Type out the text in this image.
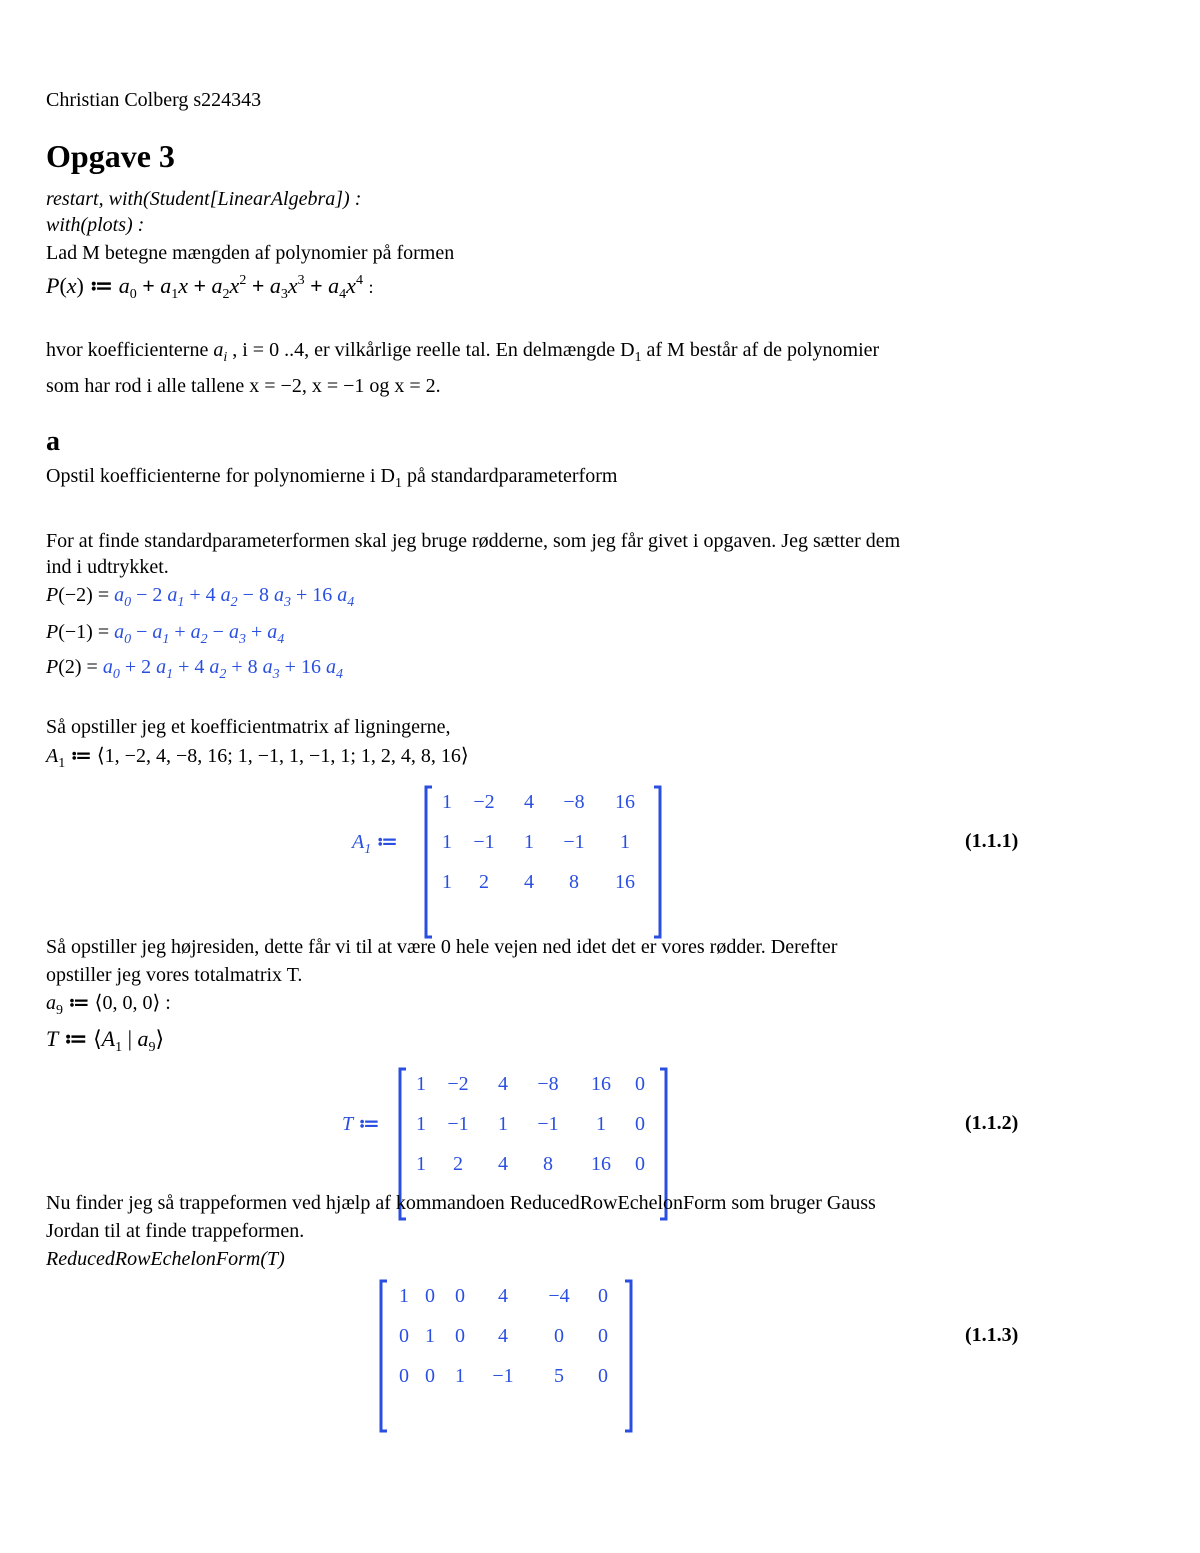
Christian Colberg s224343
Opgave 3
restart, with(Student[LinearAlgebra]) :
with(plots) :
Lad M betegne mængden af polynomier på formen
P(x) ≔ $a_0 + a_1x + a_2x^2 + a_3x^3 + a_4x^4$ :
hvor koefficienterne $a_i$ , i = 0 ..4, er vilkårlige reelle tal. En delmængde $D_1$ af M består af de polynomier
som har rod i alle tallene x = −2, x = −1 og x = 2.
a
Opstil koefficienterne for polynomierne i $D_1$ på standardparameterform
For at finde standardparameterformen skal jeg bruge rødderne, som jeg får givet i opgaven. Jeg sætter dem
ind i udtrykket.
$P(-2) = a_0 - 2$ $a_1 + 4$ $a_2 - 8$ $a_3 + 16$ $a_4$
$P(-1) = a_0 - a_1 + a_2 - a_3 + a_4$
$P(2) = a_0 + 2$ $a_1 + 4$ $a_2 + 8$ $a_3 + 16$ $a_4$
Så opstiller jeg et koefficientmatrix af ligningerne,
$A_1$ ≔ ⟨1, −2, 4, −8, 16; 1, −1, 1, −1, 1; 1, 2, 4, 8, 16⟩
$A_1$ ≔
1	−2	4	−8	16
1	−1	1	−1	1
1	2	4	8	16
(1.1.1)
Så opstiller jeg højresiden, dette får vi til at være 0 hele vejen ned idet det er vores rødder. Derefter
opstiller jeg vores totalmatrix T.
$a_9$ ≔ ⟨0, 0, 0⟩ :
T ≔ $⟨A_1$ | $a_9⟩$
T ≔
1	−2	4	−8	16	0
1	−1	1	−1	1	0
1	2	4	8	16	0
(1.1.2)
Nu finder jeg så trappeformen ved hjælp af kommandoen ReducedRowEchelonForm som bruger Gauss
Jordan til at finde trappeformen.
ReducedRowEchelonForm(T)
1 0	0	4	−4	0
0 1	0	4	0	0
0 0	1	−1	5	0
(1.1.3)
